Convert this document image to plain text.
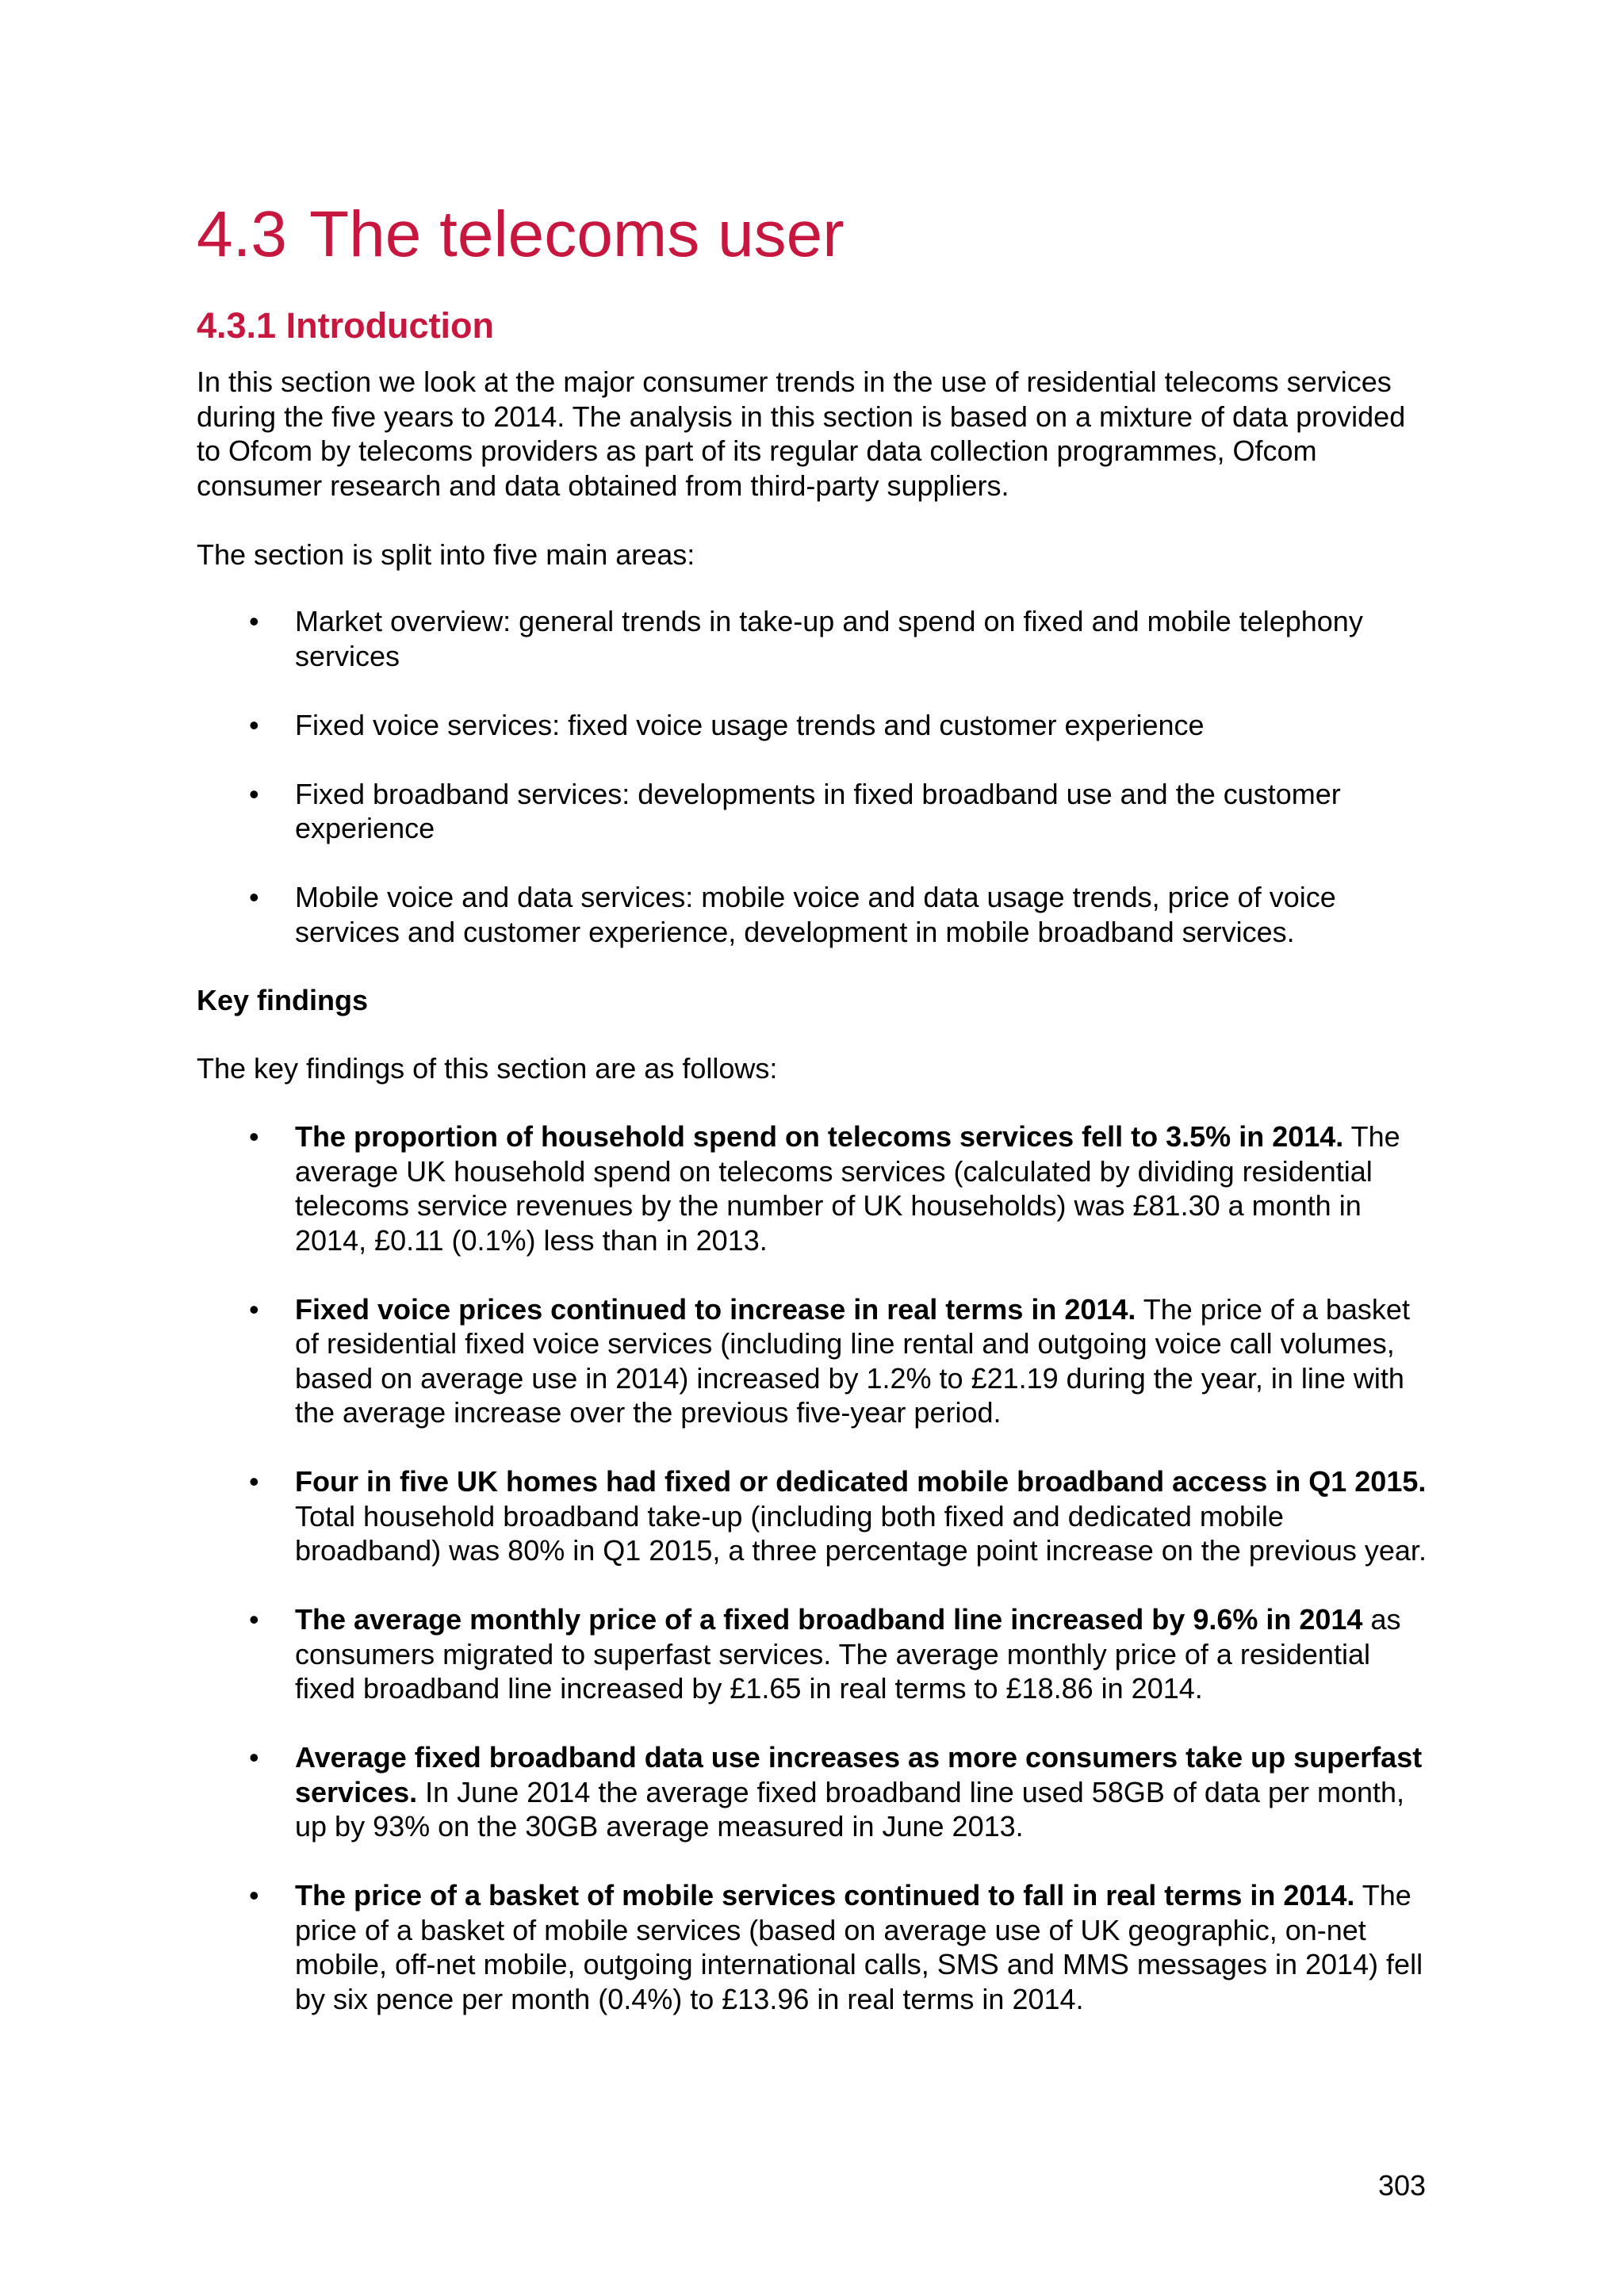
4.3 The telecoms user
4.3.1 Introduction

In this section we look at the major consumer trends in the use of residential telecoms services during the five years to 2014. The analysis in this section is based on a mixture of data provided to Ofcom by telecoms providers as part of its regular data collection programmes, Ofcom consumer research and data obtained from third-party suppliers.

The section is split into five main areas:

•	Market overview: general trends in take-up and spend on fixed and mobile telephony services
•	Fixed voice services: fixed voice usage trends and customer experience
•	Fixed broadband services: developments in fixed broadband use and the customer experience
•	Mobile voice and data services: mobile voice and data usage trends, price of voice services and customer experience, development in mobile broadband services.

Key findings

The key findings of this section are as follows:

•	The proportion of household spend on telecoms services fell to 3.5% in 2014. The average UK household spend on telecoms services (calculated by dividing residential telecoms service revenues by the number of UK households) was £81.30 a month in 2014, £0.11 (0.1%) less than in 2013.
•	Fixed voice prices continued to increase in real terms in 2014. The price of a basket of residential fixed voice services (including line rental and outgoing voice call volumes, based on average use in 2014) increased by 1.2% to £21.19 during the year, in line with the average increase over the previous five-year period.
•	Four in five UK homes had fixed or dedicated mobile broadband access in Q1 2015. Total household broadband take-up (including both fixed and dedicated mobile broadband) was 80% in Q1 2015, a three percentage point increase on the previous year.
•	The average monthly price of a fixed broadband line increased by 9.6% in 2014 as consumers migrated to superfast services. The average monthly price of a residential fixed broadband line increased by £1.65 in real terms to £18.86 in 2014.
•	Average fixed broadband data use increases as more consumers take up superfast services. In June 2014 the average fixed broadband line used 58GB of data per month, up by 93% on the 30GB average measured in June 2013.
•	The price of a basket of mobile services continued to fall in real terms in 2014. The price of a basket of mobile services (based on average use of UK geographic, on-net mobile, off-net mobile, outgoing international calls, SMS and MMS messages in 2014) fell by six pence per month (0.4%) to £13.96 in real terms in 2014.
303
